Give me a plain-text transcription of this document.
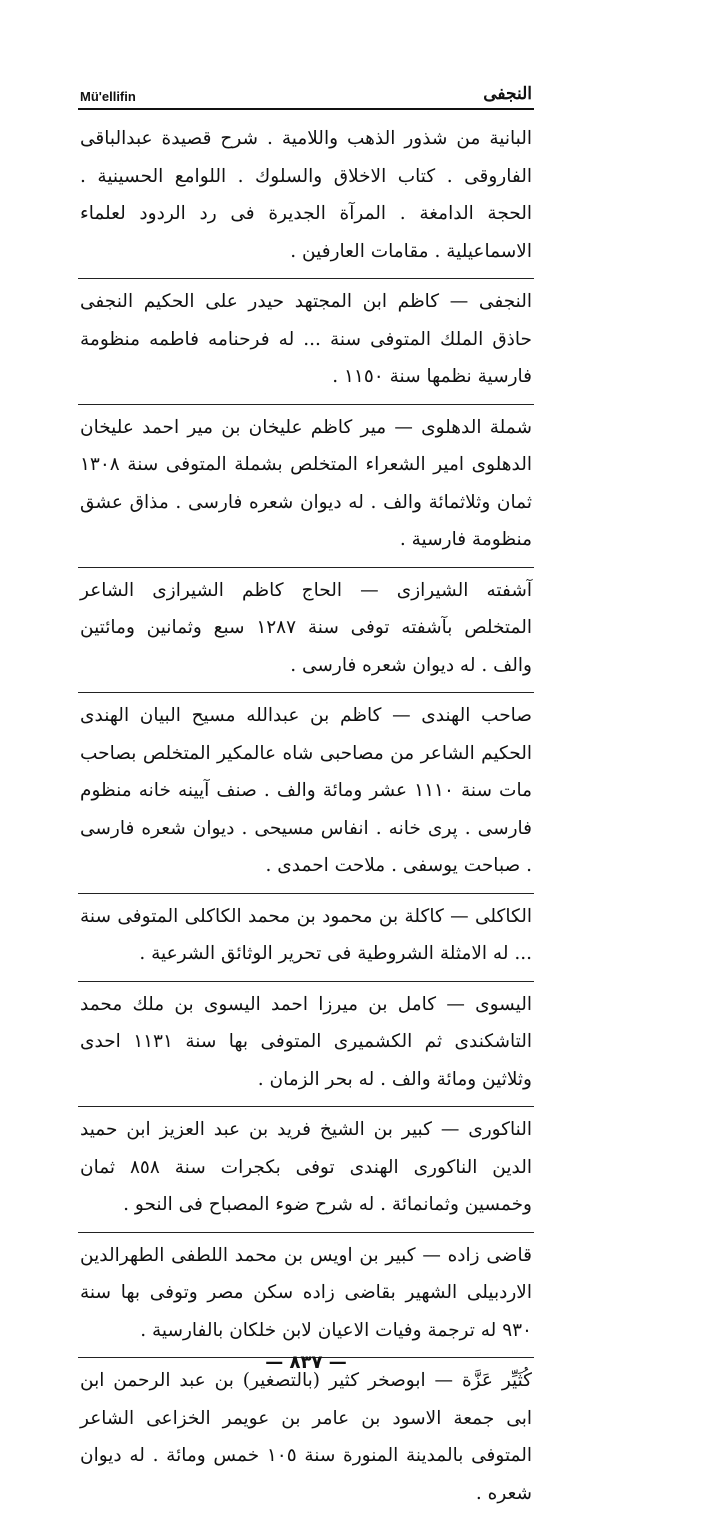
Mü'ellifin	النجفى

البانية من شذور الذهب واللامية . شرح قصيدة عبدالباقى الفاروقى . كتاب الاخلاق والسلوك . اللوامع الحسينية . الحجة الدامغة . المرآة الجديرة فى رد الردود لعلماء الاسماعيلية . مقامات العارفين .

النجفى — كاظم ابن المجتهد حيدر على الحكيم النجفى حاذق الملك المتوفى سنة ... له فرحنامه فاطمه منظومة فارسية نظمها سنة ١١٥٠ .

شملة الدهلوى — مير كاظم عليخان بن مير احمد عليخان الدهلوى امير الشعراء المتخلص بشملة المتوفى سنة ١٣٠٨ ثمان وثلاثمائة والف . له ديوان شعره فارسى . مذاق عشق منظومة فارسية .

آشفته الشيرازى — الحاج كاظم الشيرازى الشاعر المتخلص بآشفته توفى سنة ١٢٨٧ سبع وثمانين ومائتين والف . له ديوان شعره فارسى .

صاحب الهندى — كاظم بن عبدالله مسيح البيان الهندى الحكيم الشاعر من مصاحبى شاه عالمكير المتخلص بصاحب مات سنة ١١١٠ عشر ومائة والف . صنف آيينه خانه منظوم فارسى . پرى خانه . انفاس مسيحى . ديوان شعره فارسى . صباحت يوسفى . ملاحت احمدى .

الكاكلى — كاكلة بن محمود بن محمد الكاكلى المتوفى سنة ... له الامثلة الشروطية فى تحرير الوثائق الشرعية .

اليسوى — كامل بن ميرزا احمد اليسوى بن ملك محمد التاشكندى ثم الكشميرى المتوفى بها سنة ١١٣١ احدى وثلاثين ومائة والف . له بحر الزمان .

الناكورى — كبير بن الشيخ فريد بن عبد العزيز ابن حميد الدين الناكورى الهندى توفى بكجرات سنة ٨٥٨ ثمان وخمسين وثمانمائة . له شرح ضوء المصباح فى النحو .

قاضى زاده — كبير بن اويس بن محمد اللطفى الطهرالدين الاردبيلى الشهير بقاضى زاده سكن مصر وتوفى بها سنة ٩٣٠ له ترجمة وفيات الاعيان لابن خلكان بالفارسية .

كُثَيِّر عَزَّة — ابوصخر كثير (بالتصغير) بن عبد الرحمن ابن ابى جمعة الاسود بن عامر بن عويمر الخزاعى الشاعر المتوفى بالمدينة المنورة سنة ١٠٥ خمس ومائة . له ديوان شعره .

— ٨٣٧ —
